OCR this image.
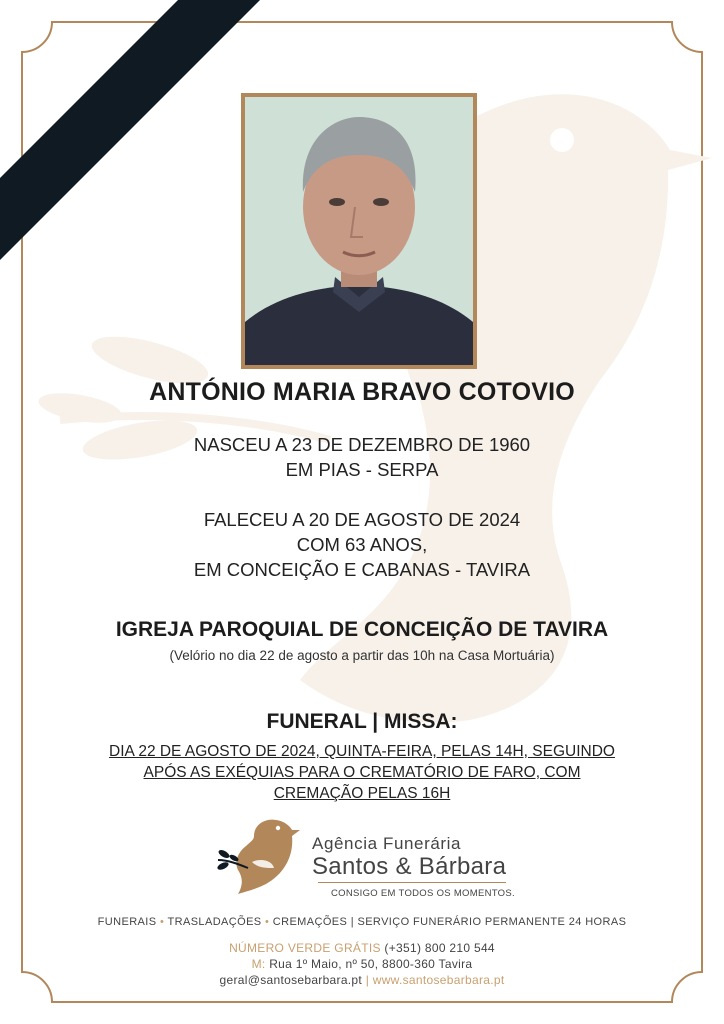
ANTÓNIO MARIA BRAVO COTOVIO
NASCEU A 23 DE DEZEMBRO DE 1960
EM PIAS - SERPA
FALECEU A 20 DE AGOSTO DE 2024
COM 63 ANOS,
EM CONCEIÇÃO E CABANAS - TAVIRA
IGREJA PAROQUIAL DE CONCEIÇÃO DE TAVIRA
(Velório no dia 22 de agosto a partir das 10h na Casa Mortuária)
FUNERAL | MISSA:
DIA 22 DE AGOSTO DE 2024, QUINTA-FEIRA, PELAS 14H, SEGUINDO
APÓS AS EXÉQUIAS PARA O CREMATÓRIO DE FARO, COM
CREMAÇÃO PELAS 16H
Agência Funerária
Santos & Bárbara
CONSIGO EM TODOS OS MOMENTOS.
FUNERAIS • TRASLADAÇÕES • CREMAÇÕES | SERVIÇO FUNERÁRIO PERMANENTE 24 HORAS
NÚMERO VERDE GRÁTIS (+351) 800 210 544
M: Rua 1º Maio, nº 50, 8800-360 Tavira
geral@santosebarbara.pt | www.santosebarbara.pt
